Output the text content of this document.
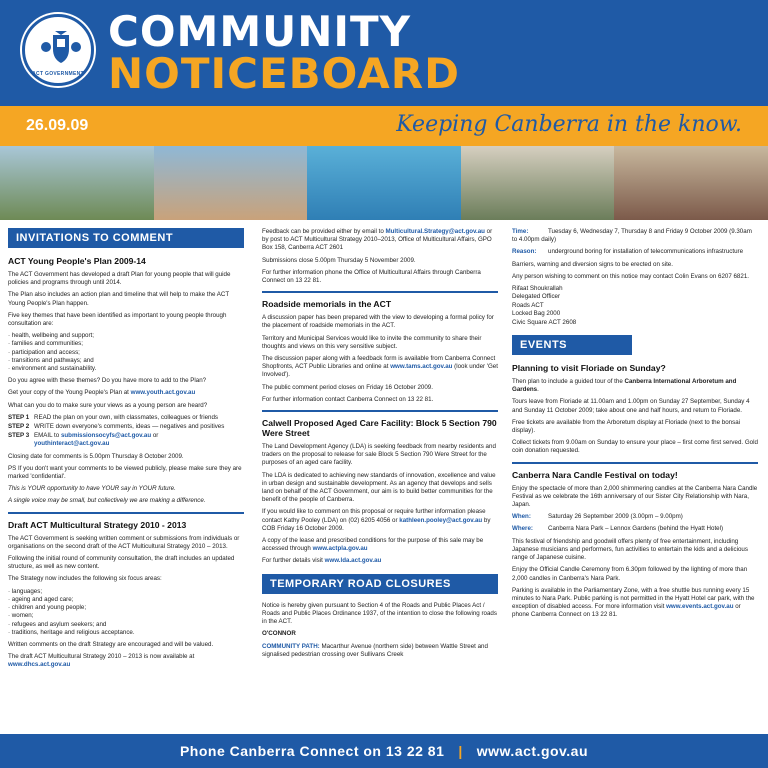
ACT GOVERNMENT
COMMUNITY
NOTICEBOARD
26.09.09	Keeping Canberra in the know.
INVITATIONS TO COMMENT
ACT Young People's Plan 2009-14

The ACT Government has developed a draft Plan for young people that will guide policies and programs through until 2014.

The Plan also includes an action plan and timeline that will help to make the ACT Young People's Plan happen.

Five key themes that have been identified as important to young people through consultation are:

· health, wellbeing and support;
· families and communities;
· participation and access;
· transitions and pathways; and
· environment and sustainability.

Do you agree with these themes? Do you have more to add to the Plan?

Get your copy of the Young People's Plan at www.youth.act.gov.au

What can you do to make sure your views as a young person are heard?

STEP 1 READ the plan on your own, with classmates, colleagues or friends
STEP 2 WRITE down everyone's comments, ideas — negatives and positives
STEP 3 EMAIL to submissionsocyfs@act.gov.au or
youthinteract@act.gov.au

Closing date for comments is 5.00pm Thursday 8 October 2009.

PS If you don't want your comments to be viewed publicly, please make sure they are marked 'confidential'.

This is YOUR opportunity to have YOUR say in YOUR future.

A single voice may be small, but collectively we are making a difference.

Draft ACT Multicultural Strategy 2010 - 2013

The ACT Government is seeking written comment or submissions from individuals or organisations on the second draft of the ACT Multicultural Strategy 2010 – 2013.

Following the initial round of community consultation, the draft includes an updated structure, as well as new content.

The Strategy now includes the following six focus areas:

· languages;
· ageing and aged care;
· children and young people;
· women;
· refugees and asylum seekers; and
· traditions, heritage and religious acceptance.

Written comments on the draft Strategy are encouraged and will be valued.

The draft ACT Multicultural Strategy 2010 – 2013 is now available at
www.dhcs.act.gov.au

Feedback can be provided either by email to Multicultural.Strategy@act.gov.au or by post to ACT Multicultural Strategy 2010–2013, Office of Multicultural Affairs, GPO Box 158, Canberra ACT 2601

Submissions close 5.00pm Thursday 5 November 2009.

For further information phone the Office of Multicultural Affairs through Canberra Connect on 13 22 81.

Roadside memorials in the ACT

A discussion paper has been prepared with the view to developing a formal policy for the placement of roadside memorials in the ACT.

Territory and Municipal Services would like to invite the community to share their thoughts and views on this very sensitive subject.

The discussion paper along with a feedback form is available from Canberra Connect Shopfronts, ACT Public Libraries and online at www.tams.act.gov.au (look under 'Get Involved').

The public comment period closes on Friday 16 October 2009.

For further information contact Canberra Connect on 13 22 81.

Calwell Proposed Aged Care Facility: Block 5 Section 790 Were Street

The Land Development Agency (LDA) is seeking feedback from nearby residents and traders on the proposal to release for sale Block 5 Section 790 Were Street for the purposes of an aged care facility.

The LDA is dedicated to achieving new standards of innovation, excellence and value in urban design and sustainable development. As an agency that develops and sells land on behalf of the ACT Government, our aim is to build better communities for the benefit of the people of Canberra.

If you would like to comment on this proposal or require further information please contact Kathy Pooley (LDA) on (02) 6205 4056 or kathleen.pooley@act.gov.au by COB Friday 16 October 2009.

A copy of the lease and prescribed conditions for the purpose of this sale may be accessed through www.actpla.gov.au

For further details visit www.lda.act.gov.au

TEMPORARY ROAD CLOSURES

Notice is hereby given pursuant to Section 4 of the Roads and Public Places Act / Roads and Public Places Ordinance 1937, of the intention to close the following roads in the ACT.

O'CONNOR

COMMUNITY PATH: Macarthur Avenue (northern side) between Wattle Street and signalised pedestrian crossing over Sullivans Creek

Time:	Tuesday 6, Wednesday 7, Thursday 8 and Friday 9 October 2009 (9.30am to 4.00pm daily)

Reason: underground boring for installation of telecommunications infrastructure

Barriers, warning and diversion signs to be erected on site.

Any person wishing to comment on this notice may contact Colin Evans on 6207 6821.

Rifaat Shoukrallah
Delegated Officer
Roads ACT
Locked Bag 2000
Civic Square ACT 2608
EVENTS
Planning to visit Floriade on Sunday?

Then plan to include a guided tour of the Canberra International Arboretum and Gardens.

Tours leave from Floriade at 11.00am and 1.00pm on Sunday 27 September, Sunday 4 and Sunday 11 October 2009; take about one and half hours, and return to Floriade.

Free tickets are available from the Arboretum display at Floriade (next to the bonsai display).

Collect tickets from 9.00am on Sunday to ensure your place – first come first served. Gold coin donation requested.

Canberra Nara Candle Festival on today!

Enjoy the spectacle of more than 2,000 shimmering candles at the Canberra Nara Candle Festival as we celebrate the 16th anniversary of our Sister City Relationship with Nara, Japan.

When:	Saturday 26 September 2009 (3.00pm – 9.00pm)

Where: Canberra Nara Park – Lennox Gardens (behind the Hyatt Hotel)

This festival of friendship and goodwill offers plenty of free entertainment, including Japanese musicians and performers, fun activities to entertain the kids and a delicious range of Japanese cuisine.

Enjoy the Official Candle Ceremony from 6.30pm followed by the lighting of more than 2,000 candles in Canberra's Nara Park.

Parking is available in the Parliamentary Zone, with a free shuttle bus running every 15 minutes to Nara Park. Public parking is not permitted in the Hyatt Hotel car park, with the exception of disabled access. For more information visit www.events.act.gov.au or phone Canberra Connect on 13 22 81.

Phone Canberra Connect on 13 22 81 | www.act.gov.au
